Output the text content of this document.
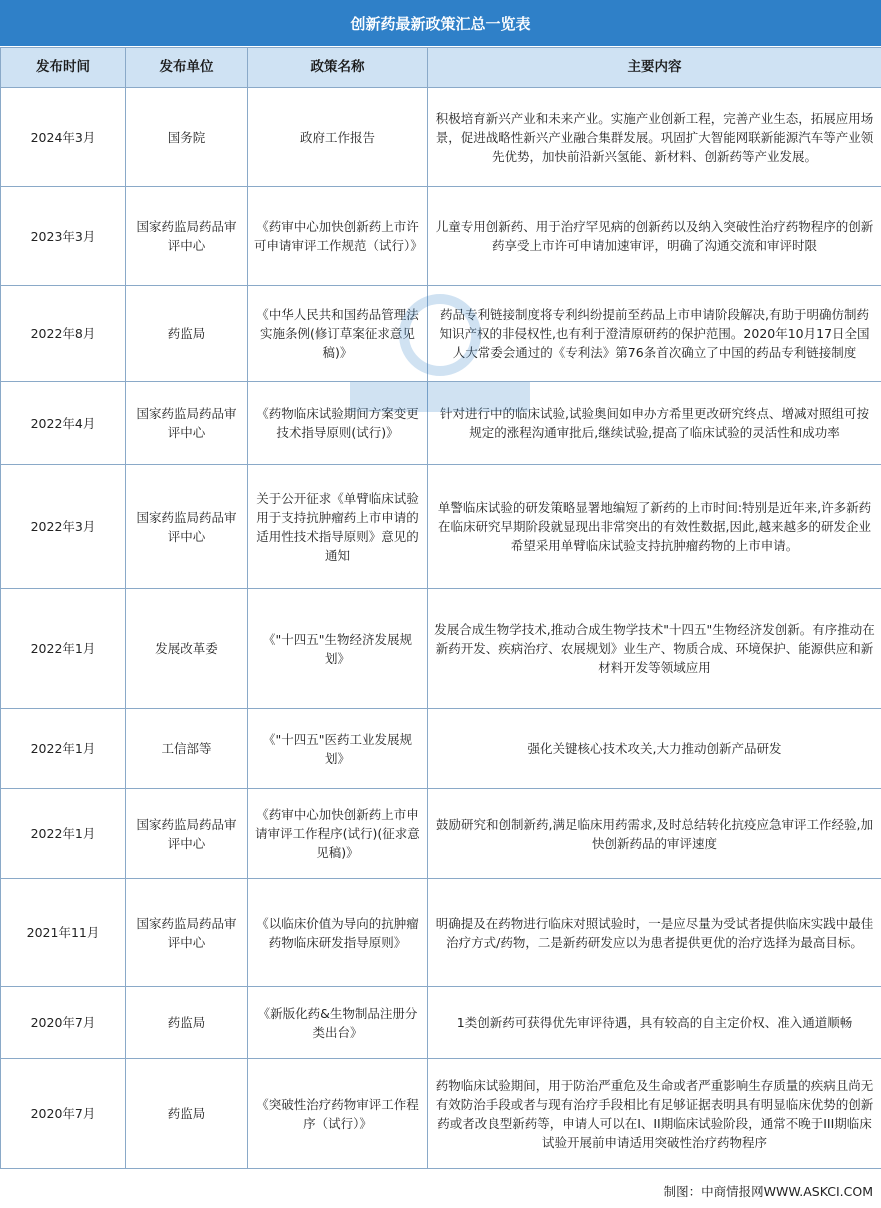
创新药最新政策汇总一览表
发布时间	发布单位	政策名称	主要内容
2024年3月	国务院	政府工作报告	积极培育新兴产业和未来产业。实施产业创新工程，完善产业生态，拓展应用场景，促进战略性新兴产业融合集群发展。巩固扩大智能网联新能源汽车等产业领先优势，加快前沿新兴氢能、新材料、创新药等产业发展。
2023年3月	国家药监局药品审评中心	《药审中心加快创新药上市许可申请审评工作规范（试行）》	儿童专用创新药、用于治疗罕见病的创新药以及纳入突破性治疗药物程序的创新药享受上市许可申请加速审评，明确了沟通交流和审评时限
2022年8月	药监局	《中华人民共和国药品管理法实施条例(修订草案征求意见稿)》	药品专利链接制度将专利纠纷提前至药品上市申请阶段解决,有助于明确仿制药知识产权的非侵权性,也有利于澄清原研药的保护范围。2020年10月17日全国人大常委会通过的《专利法》第76条首次确立了中国的药品专利链接制度
2022年4月	国家药监局药品审评中心	《药物临床试验期间方案变更技术指导原则(试行)》	针对进行中的临床试验,试验奥间如申办方希里更改研究终点、增减对照组可按规定的涨程沟通审批后,继续试验,提高了临床试验的灵活性和成功率
2022年3月	国家药监局药品审评中心	关于公开征求《单臂临床试验用于支持抗肿瘤药上市申请的适用性技术指导原则》意见的通知	单警临床试验的研发策略显署地编短了新药的上市时间:特别是近年来,许多新药在临床研究早期阶段就显现出非常突出的有效性数据,因此,越来越多的研发企业希望采用单臂临床试验支持抗肿瘤药物的上市申请。
2022年1月	发展改革委	《"十四五"生物经济发展规划》	发展合成生物学技术,推动合成生物学技术"十四五"生物经济发创新。有序推动在新药开发、疾病治疗、农展规划》业生产、物质合成、环境保护、能源供应和新材料开发等领域应用
2022年1月	工信部等	《"十四五"医药工业发展规划》	强化关键核心技术攻关,大力推动创新产品研发
2022年1月	国家药监局药品审评中心	《药审中心加快创新药上市申请审评工作程序(试行)(征求意见稿)》	鼓励研究和创制新药,满足临床用药需求,及时总结转化抗疫应急审评工作经验,加快创新药品的审评速度
2021年11月	国家药监局药品审评中心	《以临床价值为导向的抗肿瘤药物临床研发指导原则》	明确提及在药物进行临床对照试验时，一是应尽量为受试者提供临床实践中最佳治疗方式/药物，二是新药研发应以为患者提供更优的治疗选择为最高目标。
2020年7月	药监局	《新版化药&生物制品注册分类出台》	1类创新药可获得优先审评待遇，具有较高的自主定价权、准入通道顺畅
2020年7月	药监局	《突破性治疗药物审评工作程序（试行）》	药物临床试验期间，用于防治严重危及生命或者严重影响生存质量的疾病且尚无有效防治手段或者与现有治疗手段相比有足够证据表明具有明显临床优势的创新药或者改良型新药等，申请人可以在I、II期临床试验阶段，通常不晚于III期临床试验开展前申请适用突破性治疗药物程序
制图：中商情报网WWW.ASKCI.COM
